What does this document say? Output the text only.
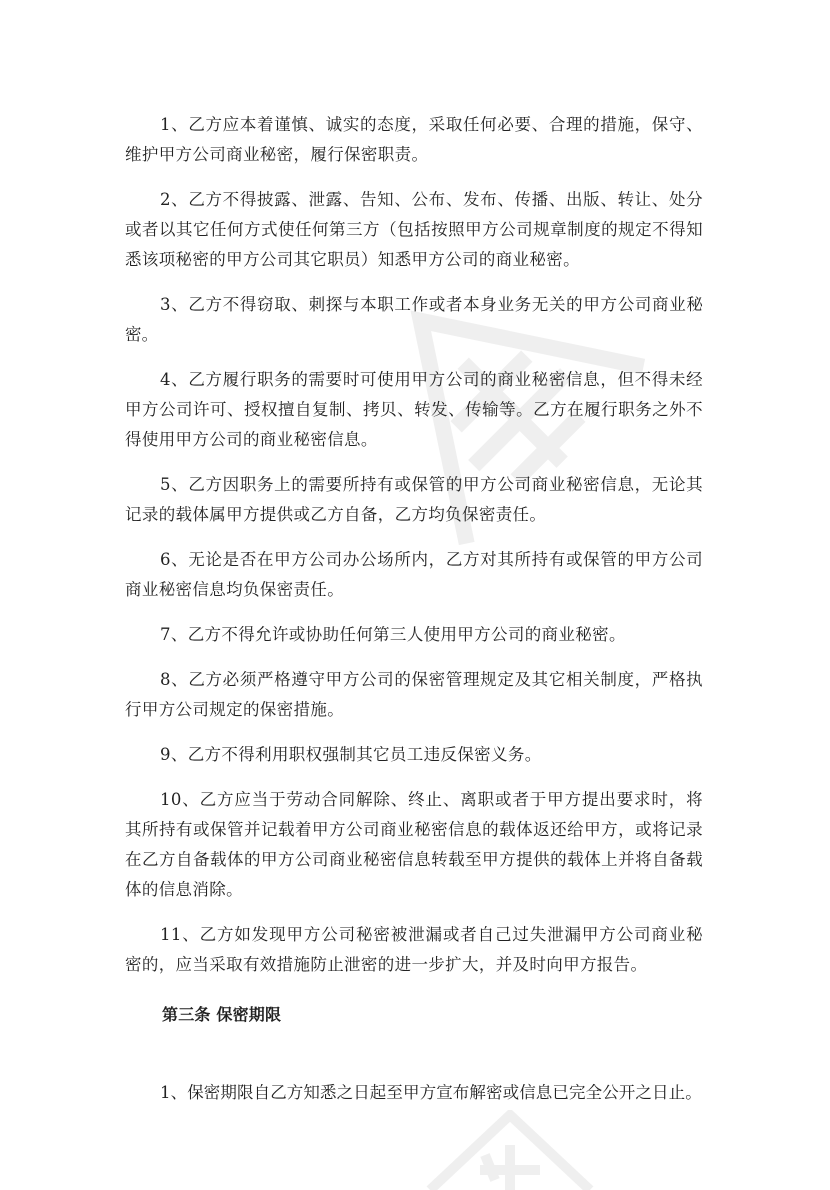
1、乙方应本着谨慎、诚实的态度，采取任何必要、合理的措施，保守、维护甲方公司商业秘密，履行保密职责。

2、乙方不得披露、泄露、告知、公布、发布、传播、出版、转让、处分或者以其它任何方式使任何第三方（包括按照甲方公司规章制度的规定不得知悉该项秘密的甲方公司其它职员）知悉甲方公司的商业秘密。

3、乙方不得窃取、刺探与本职工作或者本身业务无关的甲方公司商业秘密。

4、乙方履行职务的需要时可使用甲方公司的商业秘密信息，但不得未经甲方公司许可、授权擅自复制、拷贝、转发、传输等。乙方在履行职务之外不得使用甲方公司的商业秘密信息。

5、乙方因职务上的需要所持有或保管的甲方公司商业秘密信息，无论其记录的载体属甲方提供或乙方自备，乙方均负保密责任。

6、无论是否在甲方公司办公场所内，乙方对其所持有或保管的甲方公司商业秘密信息均负保密责任。

7、乙方不得允许或协助任何第三人使用甲方公司的商业秘密。

8、乙方必须严格遵守甲方公司的保密管理规定及其它相关制度，严格执行甲方公司规定的保密措施。

9、乙方不得利用职权强制其它员工违反保密义务。

10、乙方应当于劳动合同解除、终止、离职或者于甲方提出要求时，将其所持有或保管并记载着甲方公司商业秘密信息的载体返还给甲方，或将记录在乙方自备载体的甲方公司商业秘密信息转载至甲方提供的载体上并将自备载体的信息消除。

11、乙方如发现甲方公司秘密被泄漏或者自己过失泄漏甲方公司商业秘密的，应当采取有效措施防止泄密的进一步扩大，并及时向甲方报告。

第三条 保密期限

1、保密期限自乙方知悉之日起至甲方宣布解密或信息已完全公开之日止。
